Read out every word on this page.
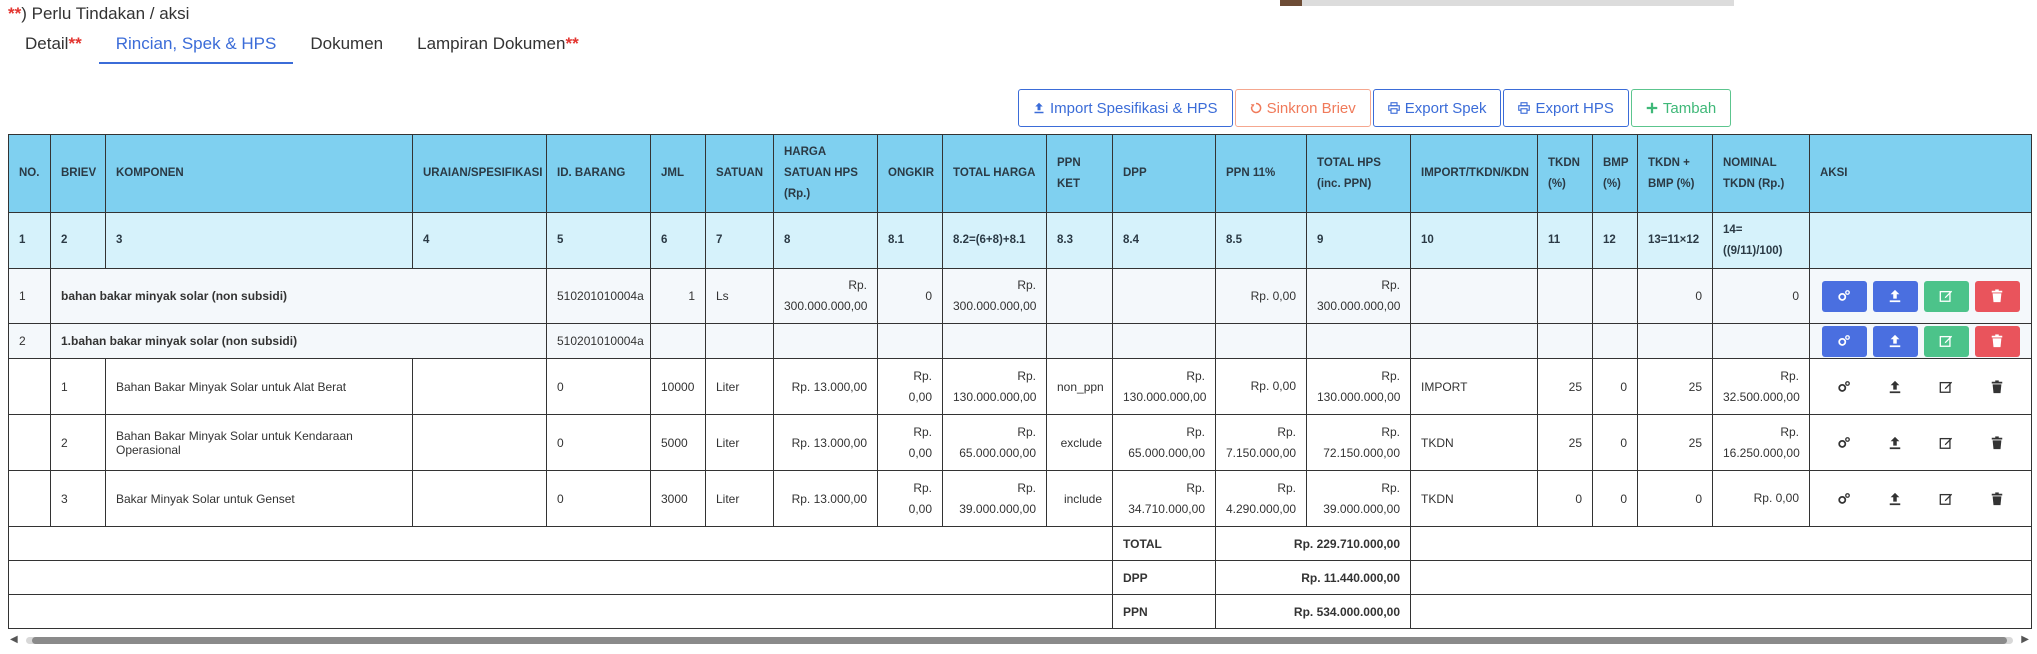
**) Perlu Tindakan / aksi
Detail**	Rincian, Spek & HPS	Dokumen	Lampiran Dokumen**
Import Spesifikasi & HPS	Sinkron Briev	Export Spek	Export HPS	Tambah
NO.	BRIEV	KOMPONEN	URAIAN/SPESIFIKASI	ID. BARANG	JML	SATUAN	HARGA SATUAN HPS (Rp.)	ONGKIR	TOTAL HARGA	PPN KET	DPP	PPN 11%	TOTAL HPS (inc. PPN)	IMPORT/TKDN/KDN	TKDN (%)	BMP (%)	TKDN + BMP (%)	NOMINAL TKDN (Rp.)	AKSI
1	2	3	4	5	6	7	8	8.1	8.2=(6+8)+8.1	8.3	8.4	8.5	9	10	11	12	13=11×12	14=((9/11)/100)	
1	bahan bakar minyak solar (non subsidi)			510201010004a	1	Ls	Rp. 300.000.000,00	0	Rp. 300.000.000,00			Rp. 0,00	Rp. 300.000.000,00				0	0	

2	1.bahan bakar minyak solar (non subsidi)			510201010004a															

	1	Bahan Bakar Minyak Solar untuk Alat Berat		0	10000	Liter	Rp. 13.000,00	Rp. 0,00	Rp. 130.000.000,00	non_ppn	Rp. 130.000.000,00	Rp. 0,00	Rp. 130.000.000,00	IMPORT	25	0	25	Rp. 32.500.000,00	

	2	Bahan Bakar Minyak Solar untuk Kendaraan Operasional		0	5000	Liter	Rp. 13.000,00	Rp. 0,00	Rp. 65.000.000,00	exclude	Rp. 65.000.000,00	Rp. 7.150.000,00	Rp. 72.150.000,00	TKDN	25	0	25	Rp. 16.250.000,00	

	3	Bakar Minyak Solar untuk Genset		0	3000	Liter	Rp. 13.000,00	Rp. 0,00	Rp. 39.000.000,00	include	Rp. 34.710.000,00	Rp. 4.290.000,00	Rp. 39.000.000,00	TKDN	0	0	0	Rp. 0,00	

											TOTAL	Rp. 229.710.000,00							
											DPP	Rp. 11.440.000,00							
											PPN	Rp. 534.000.000,00							
◀	▶
